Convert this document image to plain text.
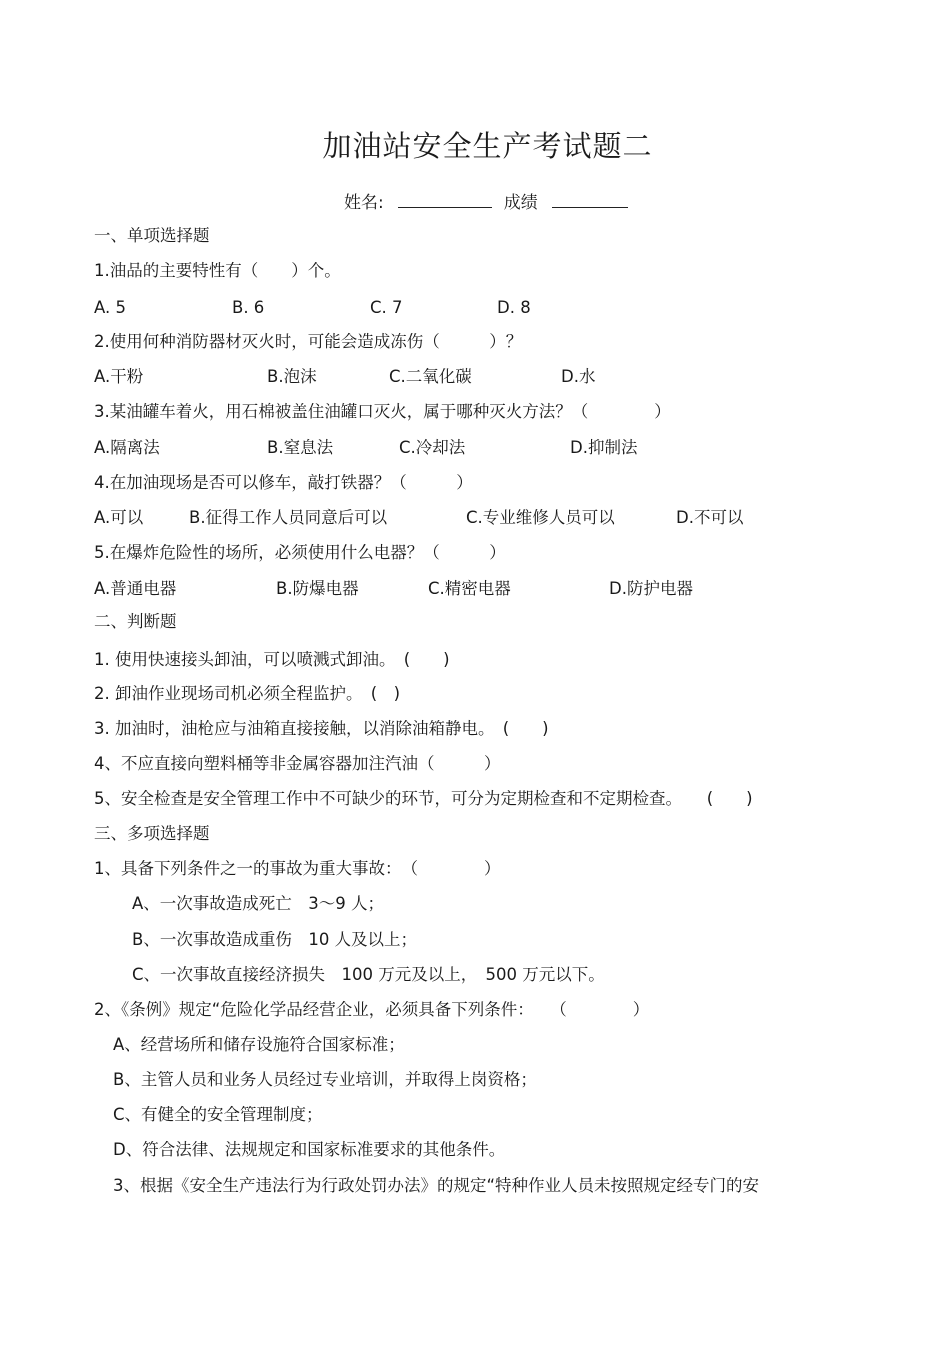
加油站安全生产考试题二
姓名:	成绩
一、单项选择题
1.油品的主要特性有（　　）个。
A. 5	B. 6	C. 7	D. 8
2.使用何种消防器材灭火时，可能会造成冻伤（　　　）？
A.干粉	B.泡沫	C.二氧化碳	D.水
3.某油罐车着火，用石棉被盖住油罐口灭火，属于哪种灭火方法？（　　　　）
A.隔离法	B.窒息法	C.冷却法	D.抑制法
4.在加油现场是否可以修车，敲打铁器？（　　　）
A.可以	B.征得工作人员同意后可以	C.专业维修人员可以	D.不可以
5.在爆炸危险性的场所，必须使用什么电器？（　　　）
A.普通电器	B.防爆电器	C.精密电器	D.防护电器
二、判断题
1. 使用快速接头卸油，可以喷溅式卸油。　(　　)
2. 卸油作业现场司机必须全程监护。　(　)
3. 加油时，油枪应与油箱直接接触，以消除油箱静电。　(　　)
4、不应直接向塑料桶等非金属容器加注汽油（　　　）
5、安全检查是安全管理工作中不可缺少的环节，可分为定期检查和不定期检查。　　(　　)
三、多项选择题
1、具备下列条件之一的事故为重大事故：　（　　　　）
A、一次事故造成死亡　3～9 人；
B、一次事故造成重伤　10 人及以上；
C、一次事故直接经济损失　100 万元及以上，　500 万元以下。
2、《条例》规定“危险化学品经营企业，必须具备下列条件：　　（　　　　）
A、经营场所和储存设施符合国家标准；
B、主管人员和业务人员经过专业培训，并取得上岗资格；
C、有健全的安全管理制度；
D、符合法律、法规规定和国家标准要求的其他条件。
3、根据《安全生产违法行为行政处罚办法》的规定“特种作业人员未按照规定经专门的安
